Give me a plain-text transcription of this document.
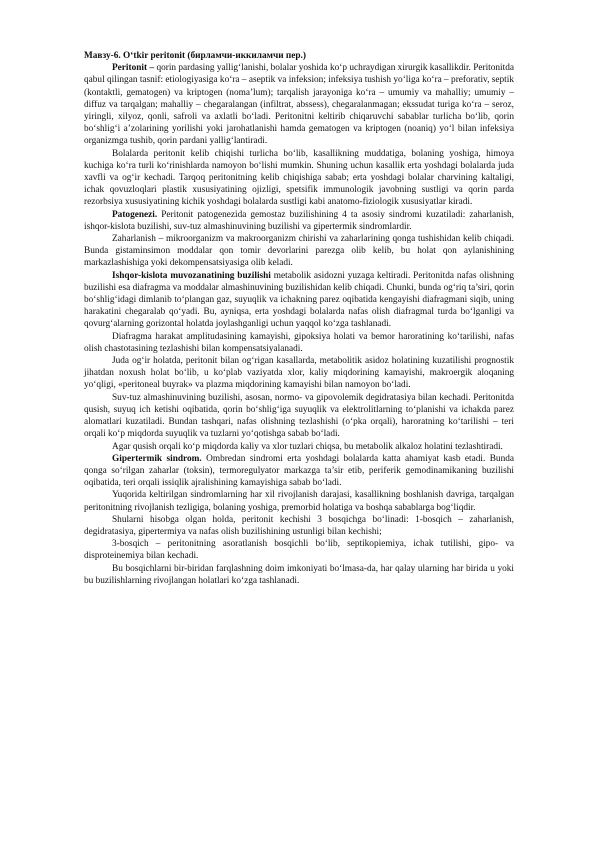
Мавзу-6. O‘tkir peritonit (бирламчи-иккиламчи пер.)

Peritonit – qorin pardasing yallig‘lanishi, bolalar yoshida ko‘p uchraydigan xirurgik kasallikdir. Peritonitda qabul qilingan tasnif: etiologiyasiga ko‘ra – aseptik va infeksion; infeksiya tushish yo‘liga ko‘ra – preforativ, septik (kontaktli, gematogen) va kriptogen (noma’lum); tarqalish jarayoniga ko‘ra – umumiy va mahalliy; umumiy – diffuz va tarqalgan; mahalliy – chegaralangan (infiltrat, abssess), chegaralanmagan; ekssudat turiga ko‘ra – seroz, yiringli, xilyoz, qonli, safroli va axlatli bo‘ladi. Peritonitni keltirib chiqaruvchi sabablar turlicha bo‘lib, qorin bo‘shlig‘i a’zolarining yorilishi yoki jarohatlanishi hamda gematogen va kriptogen (noaniq) yo‘l bilan infeksiya organizmga tushib, qorin pardani yallig‘lantiradi.

Bolalarda peritonit kelib chiqishi turlicha bo‘lib, kasallikning muddatiga, bolaning yoshiga, himoya kuchiga ko‘ra turli ko‘rinishlarda namoyon bo‘lishi mumkin. Shuning uchun kasallik erta yoshdagi bolalarda juda xavfli va og‘ir kechadi. Tarqoq peritonitning kelib chiqishiga sabab; erta yoshdagi bolalar charvining kaltaligi, ichak qovuzloqlari plastik xususiyatining ojizligi, spetsifik immunologik javobning sustligi va qorin parda rezorbsiya xususiyatining kichik yoshdagi bolalarda sustligi kabi anatomo-fiziologik xususiyatlar kiradi.

Patogenezi. Peritonit patogenezida gemostaz buzilishining 4 ta asosiy sindromi kuzatiladi: zaharlanish, ishqor-kislota buzilishi, suv-tuz almashinuvining buzilishi va gipertermik sindromlardir.

Zaharlanish – mikroorganizm va makroorganizm chirishi va zaharlarining qonga tushishidan kelib chiqadi. Bunda gistaminsimon moddalar qon tomir devorlarini parezga olib kelib, bu holat qon aylanishining markazlashishiga yoki dekompensatsiyasiga olib keladi.

Ishqor-kislota muvozanatining buzilishi metabolik asidozni yuzaga keltiradi. Peritonitda nafas olishning buzilishi esa diafragma va moddalar almashinuvining buzilishidan kelib chiqadi. Chunki, bunda og‘riq ta’siri, qorin bo‘shlig‘idagi dimlanib to‘plangan gaz, suyuqlik va ichakning parez oqibatida kengayishi diafragmani siqib, uning harakatini chegaralab qo‘yadi. Bu, ayniqsa, erta yoshdagi bolalarda nafas olish diafragmal turda bo‘lganligi va qovurg‘alarning gorizontal holatda joylashganligi uchun yaqqol ko‘zga tashlanadi.

Diafragma harakat amplitudasining kamayishi, gipoksiya holati va bemor haroratining ko‘tarilishi, nafas olish chastotasining tezlashishi bilan kompensatsiyalanadi.

Juda og‘ir holatda, peritonit bilan og‘rigan kasallarda, metabolitik asidoz holatining kuzatilishi prognostik jihatdan noxush holat bo‘lib, u ko‘plab vaziyatda xlor, kaliy miqdorining kamayishi, makroergik aloqaning yo‘qligi, «peritoneal buyrak» va plazma miqdorining kamayishi bilan namoyon bo‘ladi.

Suv-tuz almashinuvining buzilishi, asosan, normo- va gipovolemik degidratasiya bilan kechadi. Peritonitda qusish, suyuq ich ketishi oqibatida, qorin bo‘shlig‘iga suyuqlik va elektrolitlarning to‘planishi va ichakda parez alomatlari kuzatiladi. Bundan tashqari, nafas olishning tezlashishi (o‘pka orqali), haroratning ko‘tarilishi – teri orqali ko‘p miqdorda suyuqlik va tuzlarni yo‘qotishga sabab bo‘ladi.

Agar qusish orqali ko‘p miqdorda kaliy va xlor tuzlari chiqsa, bu metabolik alkaloz holatini tezlashtiradi.

Gipertermik sindrom. Ombredan sindromi erta yoshdagi bolalarda katta ahamiyat kasb etadi. Bunda qonga so‘rilgan zaharlar (toksin), termoregulyator markazga ta’sir etib, periferik gemodinamikaning buzilishi oqibatida, teri orqali issiqlik ajralishining kamayishiga sabab bo‘ladi.

Yuqorida keltirilgan sindromlarning har xil rivojlanish darajasi, kasallikning boshlanish davriga, tarqalgan peritonitning rivojlanish tezligiga, bolaning yoshiga, premorbid holatiga va boshqa sabablarga bog‘liqdir.

Shularni hisobga olgan holda, peritonit kechishi 3 bosqichga bo‘linadi: 1-bosqich – zaharlanish, degidratasiya, gipertermiya va nafas olish buzilishining ustunligi bilan kechishi;

3-bosqich – peritonitning asoratlanish bosqichli bo‘lib, septikopiemiya, ichak tutilishi, gipo- va disproteinemiya bilan kechadi.

Bu bosqichlarni bir-biridan farqlashning doim imkoniyati bo‘lmasa-da, har qalay ularning har birida u yoki bu buzilishlarning rivojlangan holatlari ko‘zga tashlanadi.
